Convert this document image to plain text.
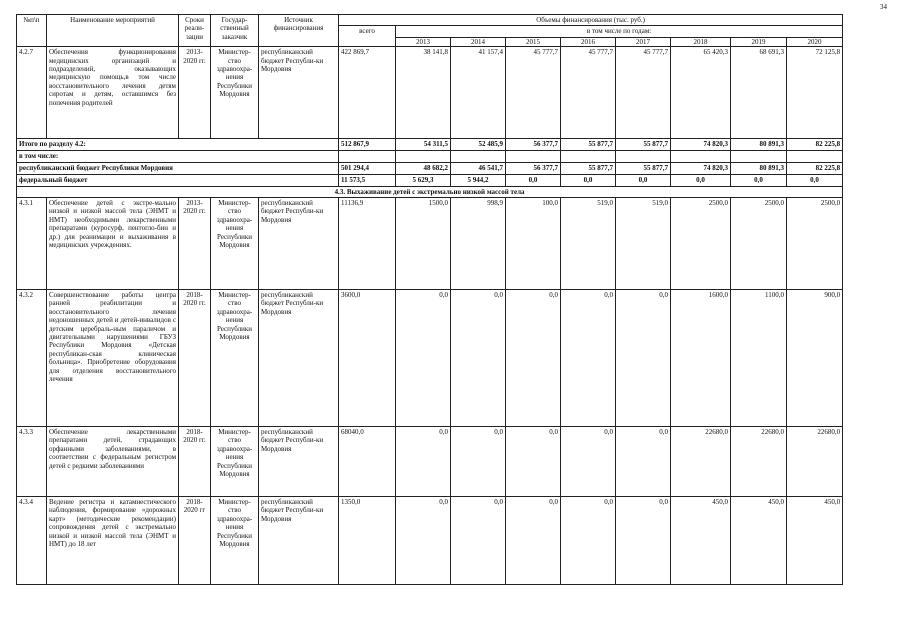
34
№п\п	Наименование мероприятий	Сроки реали-зации	Государ-ственный заказчик	Источник финансирования	Объемы финансирования (тыс. руб.)								
					всего	в том числе по годам:							
						2013	2014	2015	2016	2017	2018	2019	2020
4.2.7	Обеспечения функционирования медицинских организаций и подразделений, оказывающих медицинскую помощь,в том числе восстановительного лечения детям сиротам и детям, оставшимся без попечения родителей	2013-2020 гг.	Министер-ство здравоохра-нения Республики Мордовия	республиканский бюджет Республи-ки Мордовия	422 869,7	38 141,8	41 157,4	45 777,7	45 777,7	45 777,7	65 420,3	68 691,3	72 125,8
Итого по разделу 4.2:					512 867,9	54 311,5	52 485,9	56 377,7	55 877,7	55 877,7	74 820,3	80 891,3	82 225,8
в том числе:													
республиканский бюджет Республики Мордовия					501 294,4	48 682,2	46 541,7	56 377,7	55 877,7	55 877,7	74 820,3	80 891,3	82 225,8
федеральный бюджет					11 573,5	5 629,3	5 944,2	0,0	0,0	0,0	0,0	0,0	0,0
4.3. Выхаживание детей с экстремально низкой массой тела													
4.3.1	Обеспечение детей с экстре-мально низкой и низкой массой тела (ЭНМТ и НМТ) необходимыми лекарственными препаратами (куросурф, пентогло-бин и др.) для реанимации и выхаживания в медицинских учреждениях.	2013-2020 гг.	Министер-ство здравоохра-нения Республики Мордовия	республиканский бюджет Республи-ки Мордовия	11136,9	1500,0	998,9	100,0	519,0	519,0	2500,0	2500,0	2500,0
4.3.2	Совершенствование работы центра ранней реабилитации и восстановительного лечения недоношенных детей и детей-инвалидов с детским церебраль-ным параличом и двигательными нарушениями ГБУЗ Республики Мордовия «Детская республикан-ская клиническая больница». Приобретение оборудования для отделения восстановительного лечения	2018-2020 гг.	Министер-ство здравоохра-нения Республики Мордовия	республиканский бюджет Республи-ки Мордовия	3600,0	0,0	0,0	0,0	0,0	0,0	1600,0	1100,0	900,0
4.3.3	Обеспечение лекарственными препаратами детей, страдающих орфанными заболеваниями, в соответствии с федеральным регистром детей с редкими заболеваниями	2018-2020 гг.	Министер-ство здравоохра-нения Республики Мордовия	республиканский бюджет Республи-ки Мордовия	68040,0	0,0	0,0	0,0	0,0	0,0	22680,0	22680,0	22680,0
4.3.4	Ведение регистра и катамнестического наблюдения, формирование «дорожных карт» (методические рекомендации) сопровождения детей с экстремально низкой и низкой массой тела (ЭНМТ и НМТ) до 18 лет	2018-2020 гг	Министер-ство здравоохра-нения Республики Мордовия	республиканский бюджет Республи-ки Мордовия	1350,0	0,0	0,0	0,0	0,0	0,0	450,0	450,0	450,0
